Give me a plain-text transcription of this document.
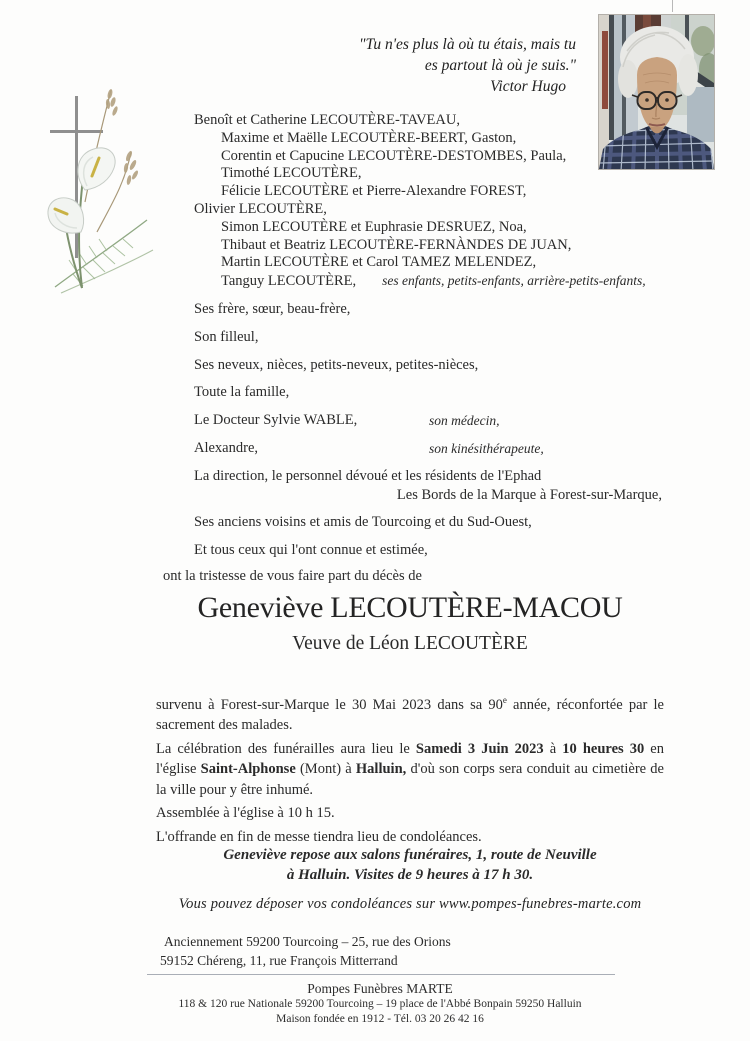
"Tu n'es plus là où tu étais, mais tu
es partout là où je suis."
Victor Hugo
Benoît et Catherine LECOUTÈRE-TAVEAU,
Maxime et Maëlle LECOUTÈRE-BEERT, Gaston,
Corentin et Capucine LECOUTÈRE-DESTOMBES, Paula,
Timothé LECOUTÈRE,
Félicie LECOUTÈRE et Pierre-Alexandre FOREST,
Olivier LECOUTÈRE,
Simon LECOUTÈRE et Euphrasie DESRUEZ, Noa,
Thibaut et Beatriz LECOUTÈRE-FERNÀNDES DE JUAN,
Martin LECOUTÈRE et Carol TAMEZ MELENDEZ,
Tanguy LECOUTÈRE, ses enfants, petits-enfants, arrière-petits-enfants,
Ses frère, sœur, beau-frère,
Son filleul,
Ses neveux, nièces, petits-neveux, petites-nièces,
Toute la famille,
Le Docteur Sylvie WABLE,	son médecin,
Alexandre,	son kinésithérapeute,
La direction, le personnel dévoué et les résidents de l'Ephad
Les Bords de la Marque à Forest-sur-Marque,
Ses anciens voisins et amis de Tourcoing et du Sud-Ouest,
Et tous ceux qui l'ont connue et estimée,
ont la tristesse de vous faire part du décès de
Geneviève LECOUTÈRE-MACOU
Veuve de Léon LECOUTÈRE

survenu à Forest-sur-Marque le 30 Mai 2023 dans sa 90e année, réconfortée par le sacrement des malades.

La célébration des funérailles aura lieu le Samedi 3 Juin 2023 à 10 heures 30 en l'église Saint-Alphonse (Mont) à Halluin, d'où son corps sera conduit au cimetière de la ville pour y être inhumé.

Assemblée à l'église à 10 h 15.

L'offrande en fin de messe tiendra lieu de condoléances.

Geneviève repose aux salons funéraires, 1, route de Neuville
à Halluin. Visites de 9 heures à 17 h 30.
Vous pouvez déposer vos condoléances sur www.pompes-funebres-marte.com
Anciennement 59200 Tourcoing – 25, rue des Orions
59152 Chéreng, 11, rue François Mitterrand
Pompes Funèbres MARTE
118 & 120 rue Nationale 59200 Tourcoing – 19 place de l'Abbé Bonpain 59250 Halluin
Maison fondée en 1912 - Tél. 03 20 26 42 16
